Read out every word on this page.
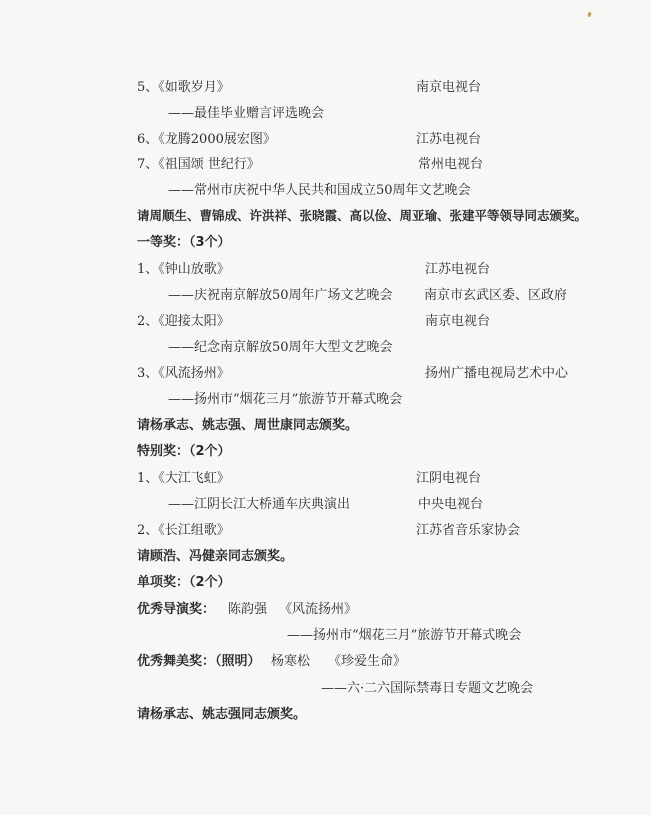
5、《如歌岁月》	南京电视台
——最佳毕业赠言评选晚会
6、《龙腾2000展宏图》	江苏电视台
7、《祖国颂 世纪行》	常州电视台
——常州市庆祝中华人民共和国成立50周年文艺晚会
请周顺生、曹锦成、许洪祥、张晓霞、高以俭、周亚瑜、张建平等领导同志颁奖。
一等奖：（3个）
1、《钟山放歌》	江苏电视台
——庆祝南京解放50周年广场文艺晚会 南京市玄武区委、区政府
2、《迎接太阳》	南京电视台
——纪念南京解放50周年大型文艺晚会
3、《风流扬州》	扬州广播电视局艺术中心
——扬州市“烟花三月”旅游节开幕式晚会
请杨承志、姚志强、周世康同志颁奖。
特别奖：（2个）
1、《大江飞虹》	江阴电视台
——江阴长江大桥通车庆典演出	中央电视台
2、《长江组歌》	江苏省音乐家协会
请顾浩、冯健亲同志颁奖。
单项奖：（2个）
优秀导演奖： 陈韵强 《风流扬州》
——扬州市“烟花三月”旅游节开幕式晚会
优秀舞美奖：（照明） 杨寒松 《珍爱生命》
——六·二六国际禁毒日专题文艺晚会
请杨承志、姚志强同志颁奖。
